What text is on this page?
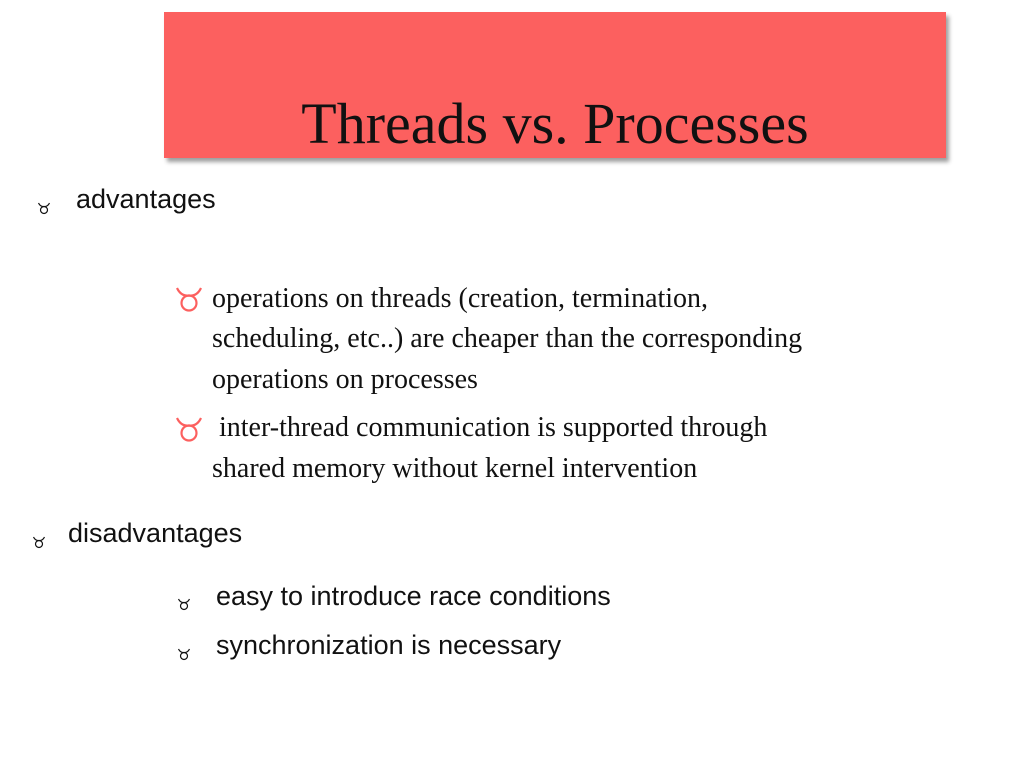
Threads vs. Processes
advantages
operations on threads (creation, termination,
scheduling, etc..) are cheaper than the corresponding
operations on processes
inter-thread communication is supported through
shared memory without kernel intervention
disadvantages
easy to introduce race conditions
synchronization is necessary
